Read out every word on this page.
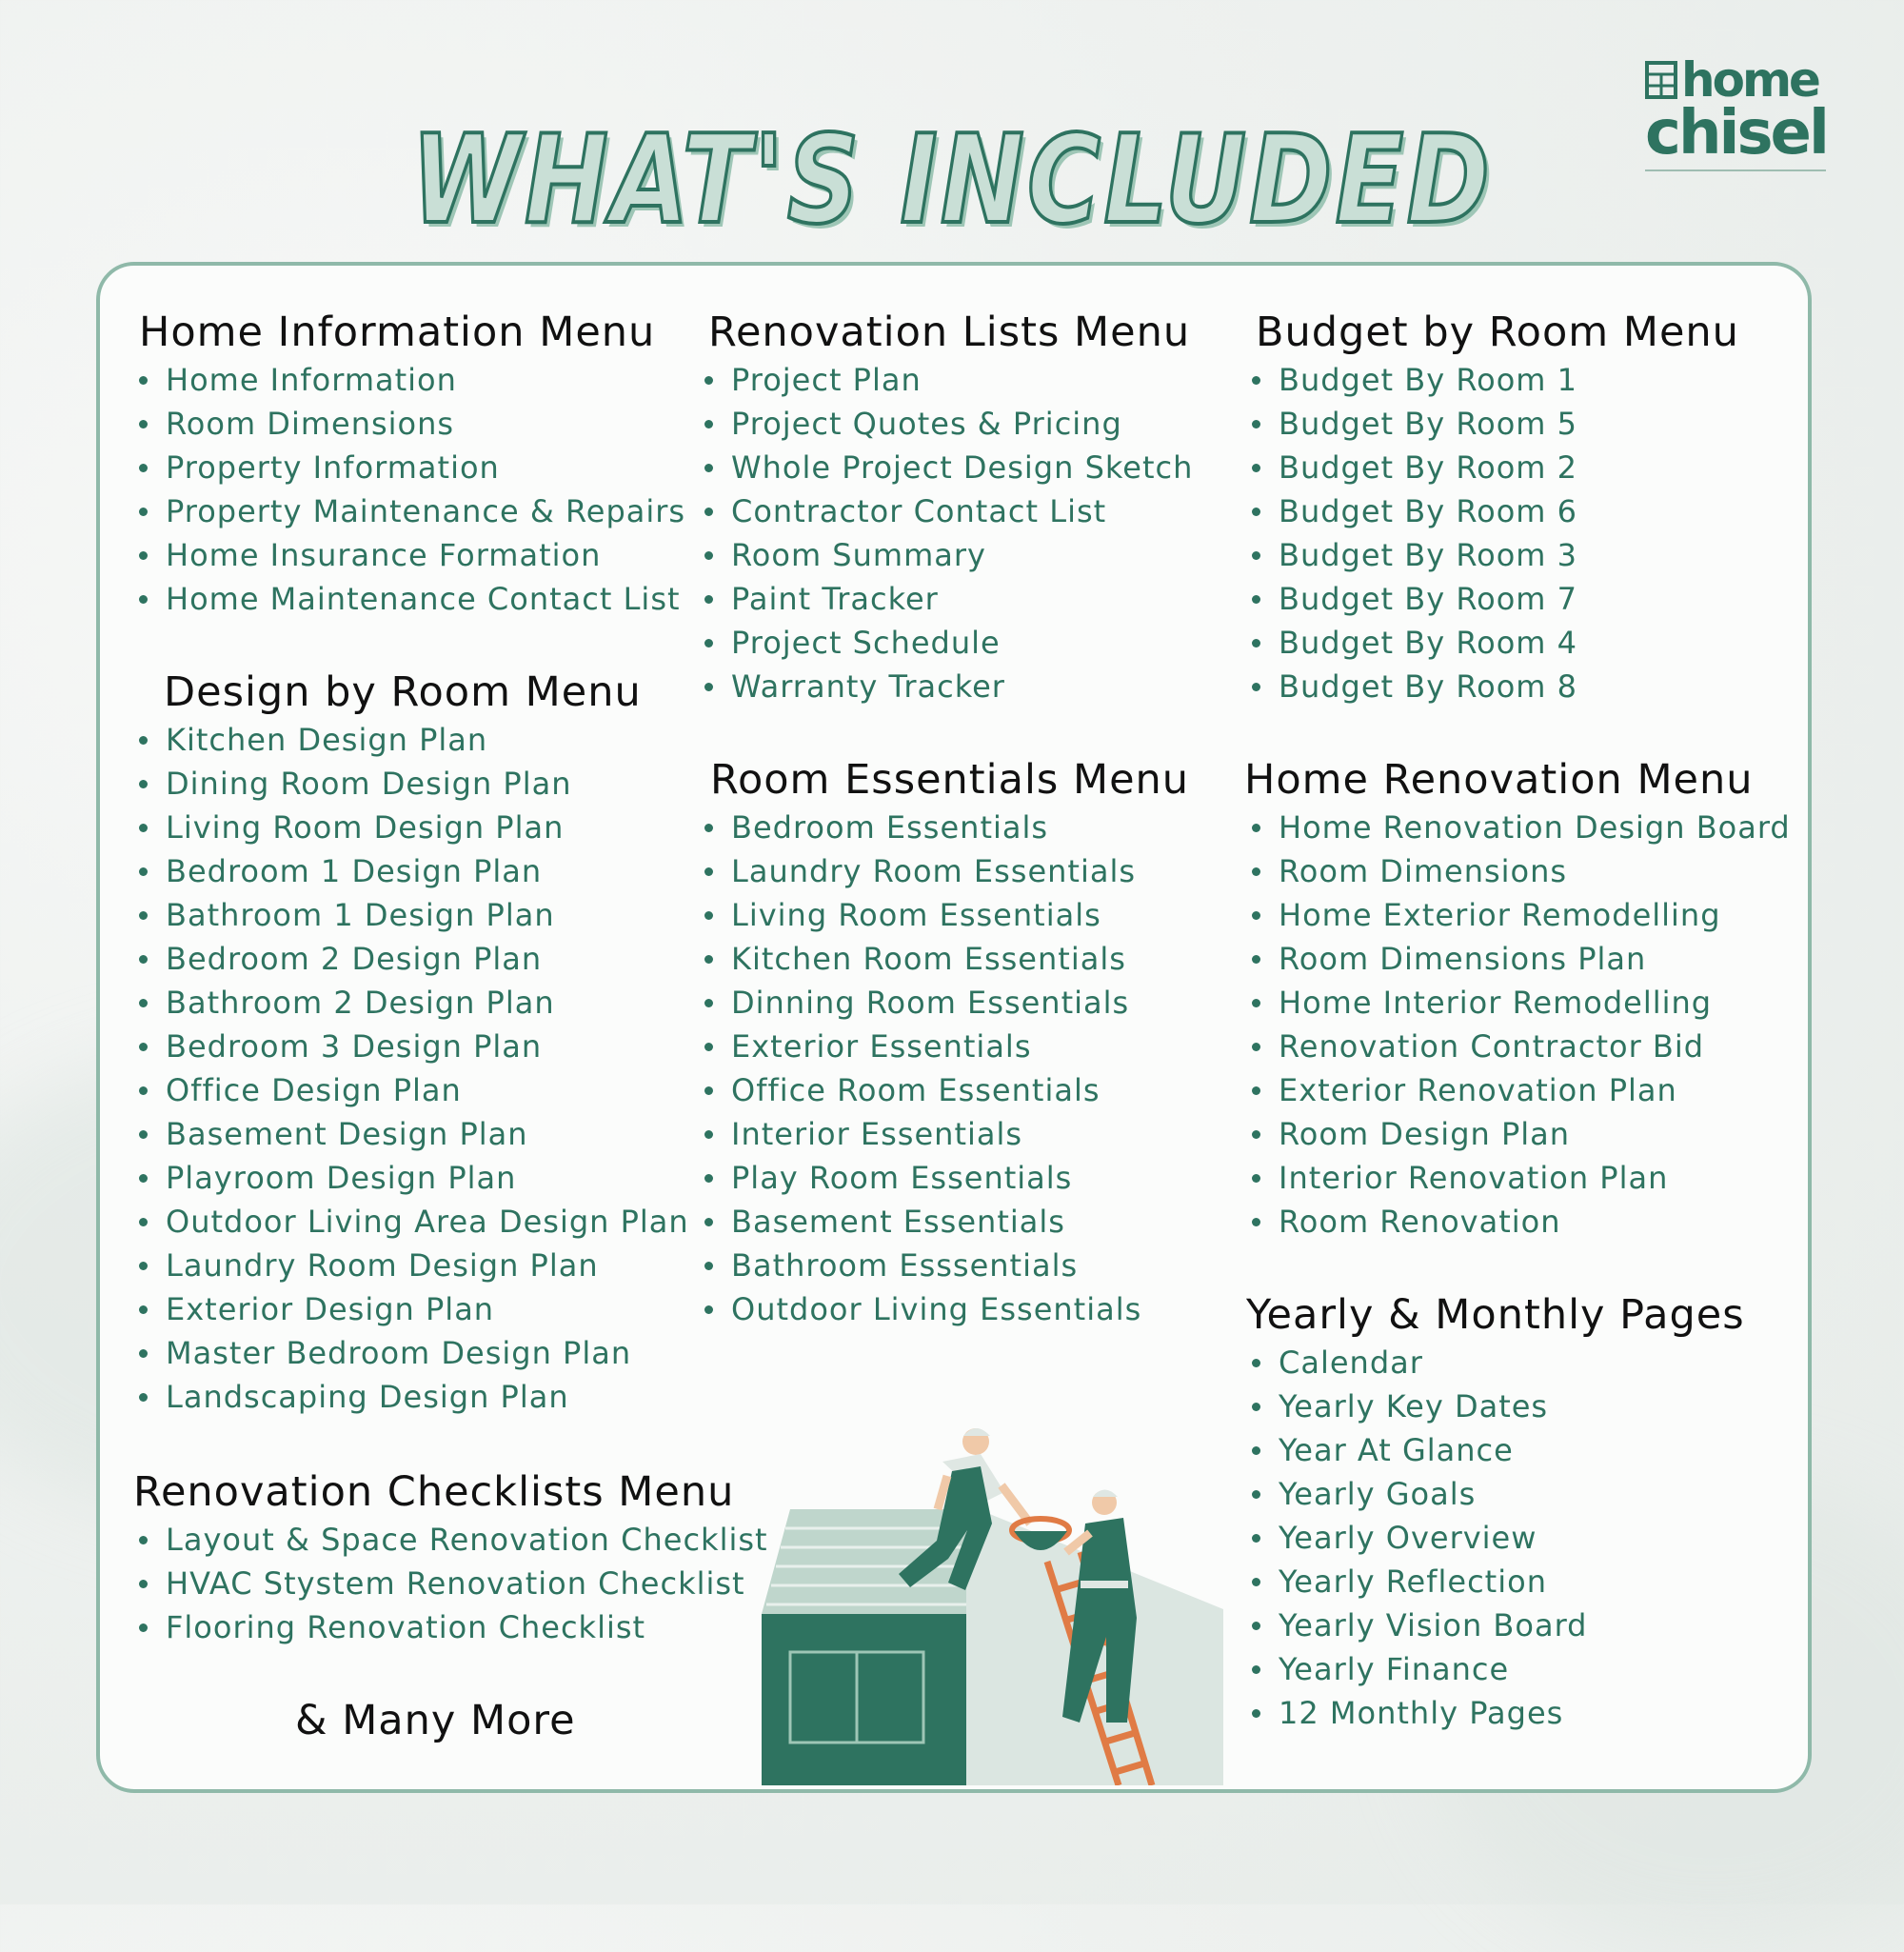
home
chisel
WHAT'S INCLUDED
Home Information Menu
Home Information
Room Dimensions
Property Information
Property Maintenance & Repairs
Home Insurance Formation
Home Maintenance Contact List
Design by Room Menu
Kitchen Design Plan
Dining Room Design Plan
Living Room Design Plan
Bedroom 1 Design Plan
Bathroom 1 Design Plan
Bedroom 2 Design Plan
Bathroom 2 Design Plan
Bedroom 3 Design Plan
Office Design Plan
Basement Design Plan
Playroom Design Plan
Outdoor Living Area Design Plan
Laundry Room Design Plan
Exterior Design Plan
Master Bedroom Design Plan
Landscaping Design Plan
Renovation Checklists Menu
Layout & Space Renovation Checklist
HVAC Stystem Renovation Checklist
Flooring Renovation Checklist
Renovation Lists Menu
Project Plan
Project Quotes & Pricing
Whole Project Design Sketch
Contractor Contact List
Room Summary
Paint Tracker
Project Schedule
Warranty Tracker
Room Essentials Menu
Bedroom Essentials
Laundry Room Essentials
Living Room Essentials
Kitchen Room Essentials
Dinning Room Essentials
Exterior Essentials
Office Room Essentials
Interior Essentials
Play Room Essentials
Basement Essentials
Bathroom Esssentials
Outdoor Living Essentials
Budget by Room Menu
Budget By Room 1
Budget By Room 5
Budget By Room 2
Budget By Room 6
Budget By Room 3
Budget By Room 7
Budget By Room 4
Budget By Room 8
Home Renovation Menu
Home Renovation Design Board
Room Dimensions
Home Exterior Remodelling
Room Dimensions Plan
Home Interior Remodelling
Renovation Contractor Bid
Exterior Renovation Plan
Room Design Plan
Interior Renovation Plan
Room Renovation
Yearly & Monthly Pages
Calendar
Yearly Key Dates
Year At Glance
Yearly Goals
Yearly Overview
Yearly Reflection
Yearly Vision Board
Yearly Finance
12 Monthly Pages
& Many More
